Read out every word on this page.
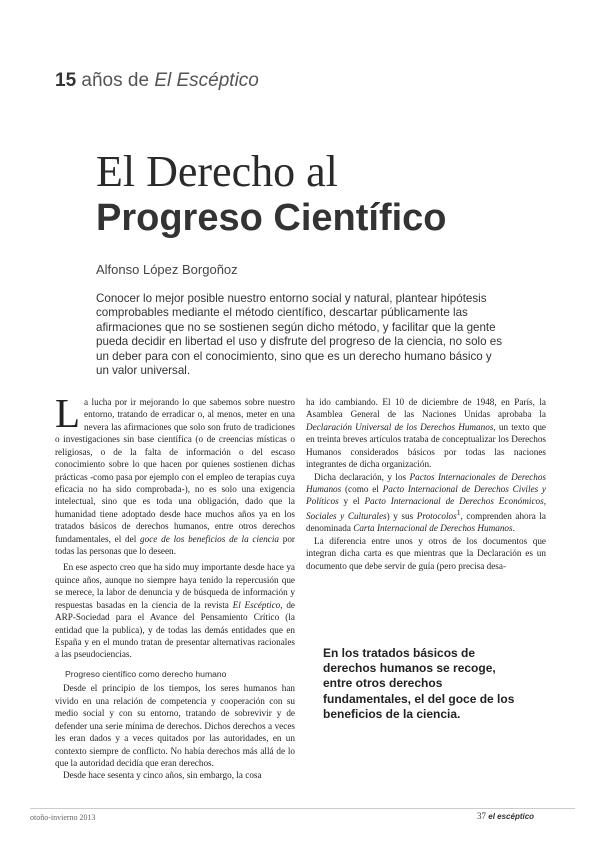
15 años de El Escéptico
El Derecho al
Progreso Científico
Alfonso López Borgoñoz
Conocer lo mejor posible nuestro entorno social y natural, plantear hipótesis comprobables mediante el método científico, descartar públicamente las afirmaciones que no se sostienen según dicho método, y facilitar que la gente pueda decidir en libertad el uso y disfrute del progreso de la ciencia, no solo es un deber para con el conocimiento, sino que es un derecho humano básico y un valor universal.

La lucha por ir mejorando lo que sabemos sobre nuestro entorno, tratando de erradicar o, al menos, meter en una nevera las afirmaciones que solo son fruto de tradiciones o investigaciones sin base científica (o de creencias místicas o religiosas, o de la falta de información o del escaso conocimiento sobre lo que hacen por quienes sostienen dichas prácticas -como pasa por ejemplo con el empleo de terapias cuya eficacia no ha sido comprobada-), no es solo una exigencia intelectual, sino que es toda una obligación, dado que la humanidad tiene adoptado desde hace muchos años ya en los tratados básicos de derechos humanos, entre otros derechos fundamentales, el del goce de los beneficios de la ciencia por todas las personas que lo deseen.

En ese aspecto creo que ha sido muy importante desde hace ya quince años, aunque no siempre haya tenido la repercusión que se merece, la labor de denuncia y de búsqueda de información y respuestas basadas en la ciencia de la revista El Escéptico, de ARP-Sociedad para el Avance del Pensamiento Crítico (la entidad que la publica), y de todas las demás entidades que en España y en el mundo tratan de presentar alternativas racionales a las pseudociencias.

Progreso científico como derecho humano

Desde el principio de los tiempos, los seres humanos han vivido en una relación de competencia y cooperación con su medio social y con su entorno, tratando de sobrevivir y de defender una serie mínima de derechos. Dichos derechos a veces les eran dados y a veces quitados por las autoridades, en un contexto siempre de conflicto. No había derechos más allá de lo que la autoridad decidía que eran derechos.

Desde hace sesenta y cinco años, sin embargo, la cosa

ha ido cambiando. El 10 de diciembre de 1948, en París, la Asamblea General de las Naciones Unidas aprobaba la Declaración Universal de los Derechos Humanos, un texto que en treinta breves artículos trataba de conceptualizar los Derechos Humanos considerados básicos por todas las naciones integrantes de dicha organización.

Dicha declaración, y los Pactos Internacionales de Derechos Humanos (como el Pacto Internacional de Derechos Civiles y Políticos y el Pacto Internacional de Derechos Económicos, Sociales y Culturales) y sus Protocolos$^1$, comprenden ahora la denominada Carta Internacional de Derechos Humanos.

La diferencia entre unos y otros de los documentos que integran dicha carta es que mientras que la Declaración es un documento que debe servir de guía (pero precisa desa-

En los tratados básicos de derechos humanos se recoge, entre otros derechos fundamentales, el del goce de los beneficios de la ciencia.
otoño-invierno 2013	37 el escéptico
